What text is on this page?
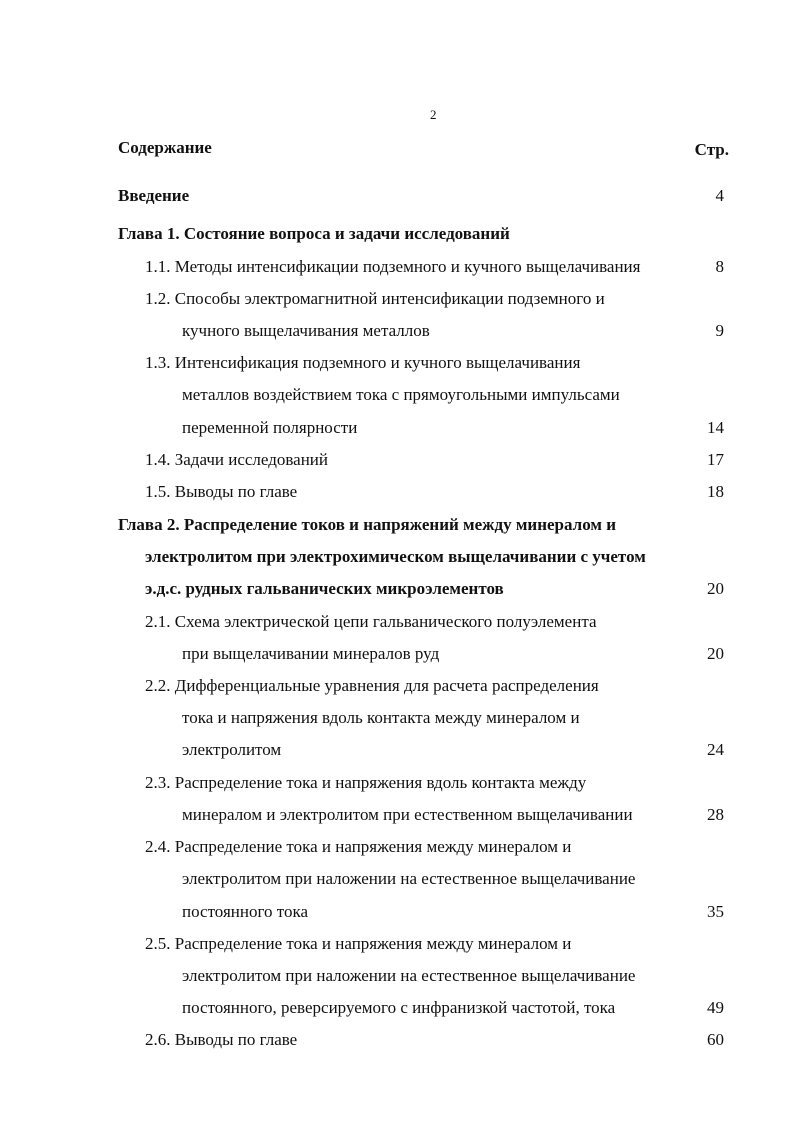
2
Содержание	Стр.
Введение	4
Глава 1. Состояние вопроса и задачи исследований
1.1. Методы интенсификации подземного и кучного выщелачивания	8
1.2. Способы электромагнитной интенсификации подземного и
кучного выщелачивания металлов	9
1.3. Интенсификация подземного и кучного выщелачивания
металлов воздействием тока с прямоугольными импульсами
переменной полярности	14
1.4. Задачи исследований	17
1.5. Выводы по главе	18
Глава 2. Распределение токов и напряжений между минералом и
электролитом при электрохимическом выщелачивании с учетом
э.д.с. рудных гальванических микроэлементов	20
2.1. Схема электрической цепи гальванического полуэлемента
при выщелачивании минералов руд	20
2.2. Дифференциальные уравнения для расчета распределения
тока и напряжения вдоль контакта между минералом и
электролитом	24
2.3. Распределение тока и напряжения вдоль контакта между
минералом и электролитом при естественном выщелачивании	28
2.4. Распределение тока и напряжения между минералом и
электролитом при наложении на естественное выщелачивание
постоянного тока	35
2.5. Распределение тока и напряжения между минералом и
электролитом при наложении на естественное выщелачивание
постоянного, реверсируемого с инфранизкой частотой, тока	49
2.6. Выводы по главе	60
